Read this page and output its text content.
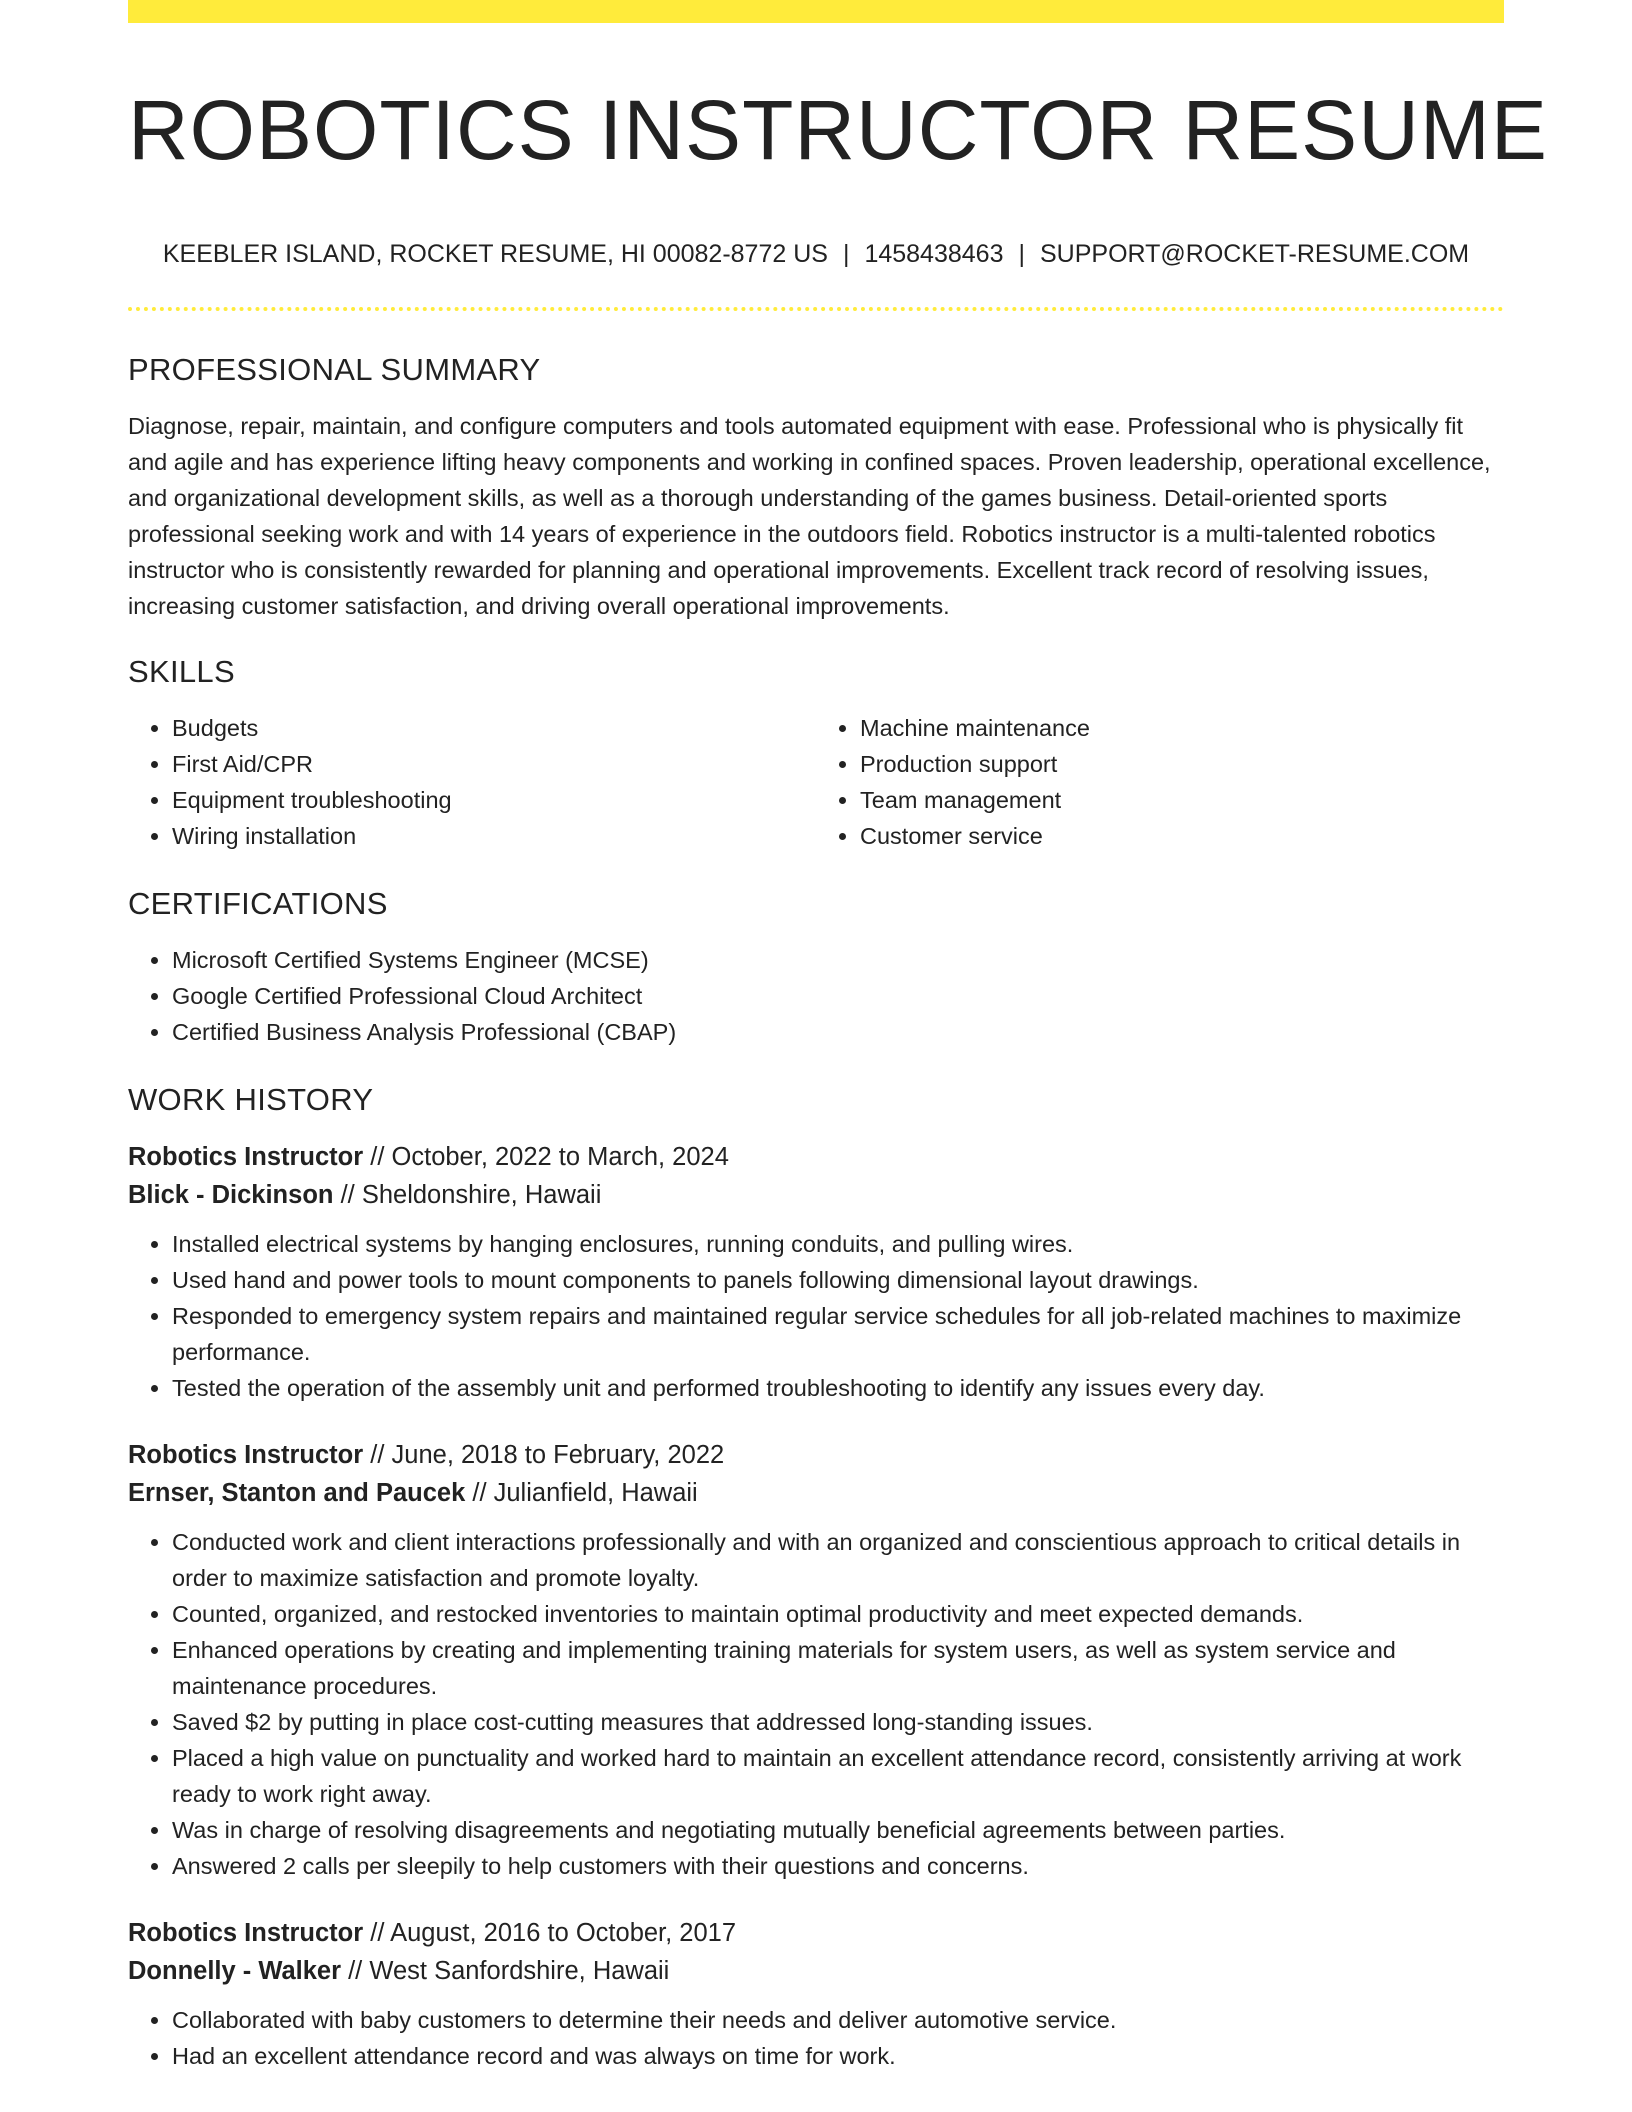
ROBOTICS INSTRUCTOR RESUME
KEEBLER ISLAND, ROCKET RESUME, HI 00082-8772 US | 1458438463 | SUPPORT@ROCKET-RESUME.COM
PROFESSIONAL SUMMARY

Diagnose, repair, maintain, and configure computers and tools automated equipment with ease. Professional who is physically fit and agile and has experience lifting heavy components and working in confined spaces. Proven leadership, operational excellence, and organizational development skills, as well as a thorough understanding of the games business. Detail-oriented sports professional seeking work and with 14 years of experience in the outdoors field. Robotics instructor is a multi-talented robotics instructor who is consistently rewarded for planning and operational improvements. Excellent track record of resolving issues, increasing customer satisfaction, and driving overall operational improvements.

SKILLS
• Budgets
• First Aid/CPR
• Equipment troubleshooting
• Wiring installation
• Machine maintenance
• Production support
• Team management
• Customer service
CERTIFICATIONS
• Microsoft Certified Systems Engineer (MCSE)
• Google Certified Professional Cloud Architect
• Certified Business Analysis Professional (CBAP)
WORK HISTORY
Robotics Instructor // October, 2022 to March, 2024
Blick - Dickinson // Sheldonshire, Hawaii
• Installed electrical systems by hanging enclosures, running conduits, and pulling wires.
• Used hand and power tools to mount components to panels following dimensional layout drawings.
• Responded to emergency system repairs and maintained regular service schedules for all job-related machines to maximize performance.
• Tested the operation of the assembly unit and performed troubleshooting to identify any issues every day.
Robotics Instructor // June, 2018 to February, 2022
Ernser, Stanton and Paucek // Julianfield, Hawaii
• Conducted work and client interactions professionally and with an organized and conscientious approach to critical details in order to maximize satisfaction and promote loyalty.
• Counted, organized, and restocked inventories to maintain optimal productivity and meet expected demands.
• Enhanced operations by creating and implementing training materials for system users, as well as system service and maintenance procedures.
• Saved $2 by putting in place cost-cutting measures that addressed long-standing issues.
• Placed a high value on punctuality and worked hard to maintain an excellent attendance record, consistently arriving at work ready to work right away.
• Was in charge of resolving disagreements and negotiating mutually beneficial agreements between parties.
• Answered 2 calls per sleepily to help customers with their questions and concerns.
Robotics Instructor // August, 2016 to October, 2017
Donnelly - Walker // West Sanfordshire, Hawaii
• Collaborated with baby customers to determine their needs and deliver automotive service.
• Had an excellent attendance record and was always on time for work.
